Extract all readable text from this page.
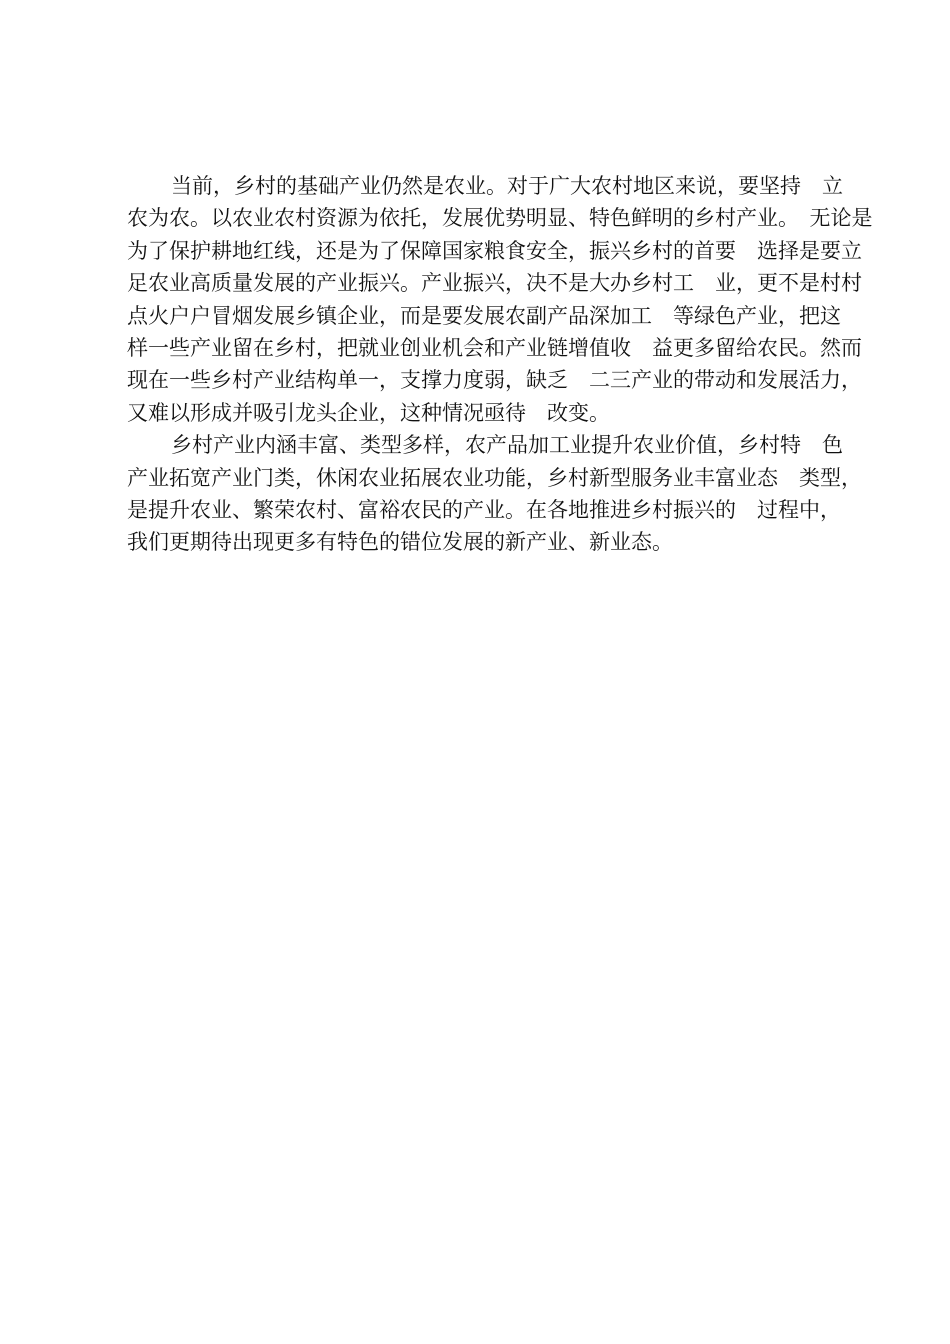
当前，乡村的基础产业仍然是农业。对于广大农村地区来说，要坚持　立
农为农。以农业农村资源为依托，发展优势明显、特色鲜明的乡村产业。　无论是
为了保护耕地红线，还是为了保障国家粮食安全，振兴乡村的首要　选择是要立
足农业高质量发展的产业振兴。产业振兴，决不是大办乡村工　业，更不是村村
点火户户冒烟发展乡镇企业，而是要发展农副产品深加工　等绿色产业，把这
样一些产业留在乡村，把就业创业机会和产业链增值收　益更多留给农民。然而
现在一些乡村产业结构单一，支撑力度弱，缺乏　二三产业的带动和发展活力，
又难以形成并吸引龙头企业，这种情况亟待　改变。

乡村产业内涵丰富、类型多样，农产品加工业提升农业价值，乡村特　色
产业拓宽产业门类，休闲农业拓展农业功能，乡村新型服务业丰富业态　类型，
是提升农业、繁荣农村、富裕农民的产业。在各地推进乡村振兴的　过程中，
我们更期待出现更多有特色的错位发展的新产业、新业态。
